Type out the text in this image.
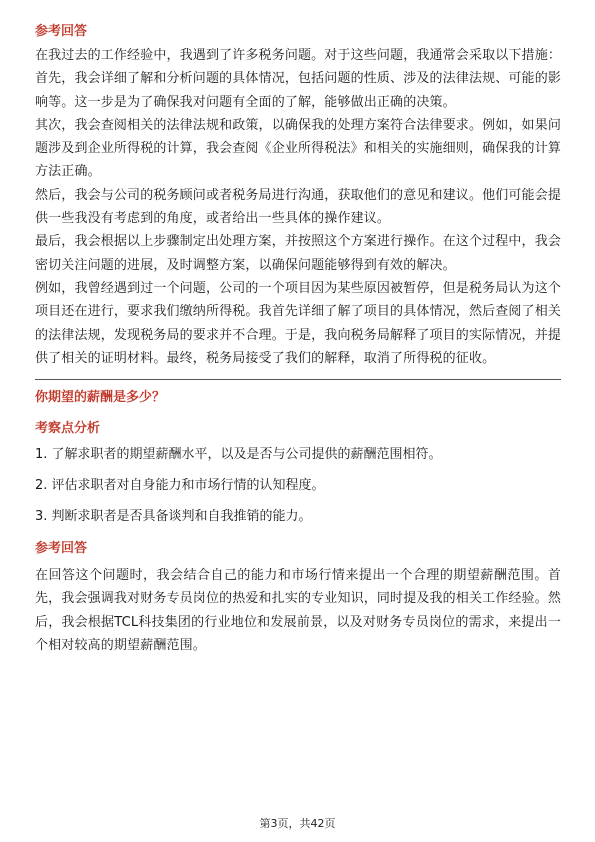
参考回答

在我过去的工作经验中，我遇到了许多税务问题。对于这些问题，我通常会采取以下措施：

首先，我会详细了解和分析问题的具体情况，包括问题的性质、涉及的法律法规、可能的影响等。这一步是为了确保我对问题有全面的了解，能够做出正确的决策。

其次，我会查阅相关的法律法规和政策，以确保我的处理方案符合法律要求。例如，如果问题涉及到企业所得税的计算，我会查阅《企业所得税法》和相关的实施细则，确保我的计算方法正确。

然后，我会与公司的税务顾问或者税务局进行沟通，获取他们的意见和建议。他们可能会提供一些我没有考虑到的角度，或者给出一些具体的操作建议。

最后，我会根据以上步骤制定出处理方案，并按照这个方案进行操作。在这个过程中，我会密切关注问题的进展，及时调整方案，以确保问题能够得到有效的解决。

例如，我曾经遇到过一个问题，公司的一个项目因为某些原因被暂停，但是税务局认为这个项目还在进行，要求我们缴纳所得税。我首先详细了解了项目的具体情况，然后查阅了相关的法律法规，发现税务局的要求并不合理。于是，我向税务局解释了项目的实际情况，并提供了相关的证明材料。最终，税务局接受了我们的解释，取消了所得税的征收。

你期望的薪酬是多少？

考察点分析

1. 了解求职者的期望薪酬水平，以及是否与公司提供的薪酬范围相符。

2. 评估求职者对自身能力和市场行情的认知程度。

3. 判断求职者是否具备谈判和自我推销的能力。

参考回答

在回答这个问题时，我会结合自己的能力和市场行情来提出一个合理的期望薪酬范围。首先，我会强调我对财务专员岗位的热爱和扎实的专业知识，同时提及我的相关工作经验。然后，我会根据TCL科技集团的行业地位和发展前景，以及对财务专员岗位的需求，来提出一个相对较高的期望薪酬范围。

第3页，共42页
